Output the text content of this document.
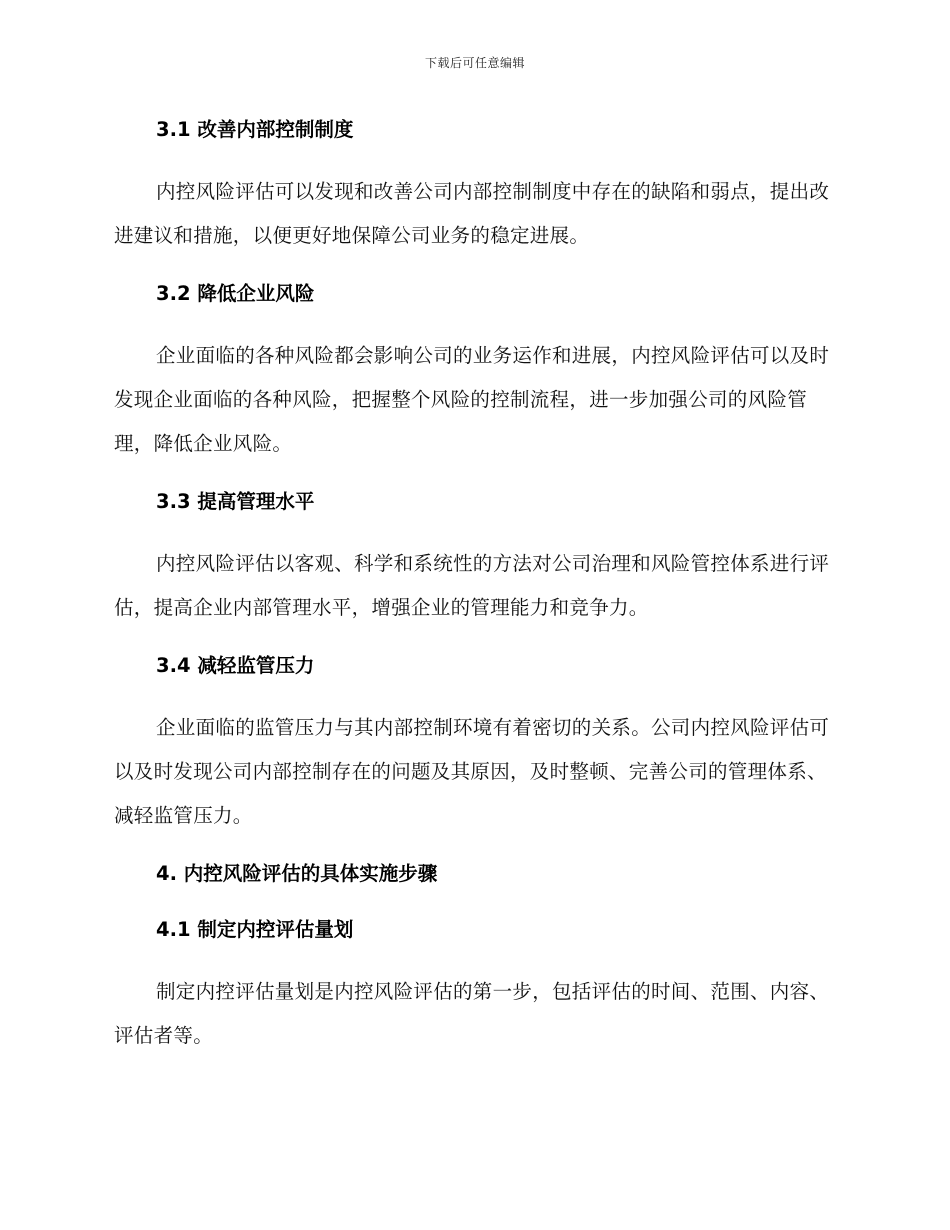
下载后可任意编辑
3.1 改善内部控制制度

内控风险评估可以发现和改善公司内部控制制度中存在的缺陷和弱点，提出改进建议和措施，以便更好地保障公司业务的稳定进展。

3.2 降低企业风险

企业面临的各种风险都会影响公司的业务运作和进展，内控风险评估可以及时发现企业面临的各种风险，把握整个风险的控制流程，进一步加强公司的风险管理，降低企业风险。

3.3 提高管理水平

内控风险评估以客观、科学和系统性的方法对公司治理和风险管控体系进行评估，提高企业内部管理水平，增强企业的管理能力和竞争力。

3.4 减轻监管压力

企业面临的监管压力与其内部控制环境有着密切的关系。公司内控风险评估可以及时发现公司内部控制存在的问题及其原因，及时整顿、完善公司的管理体系、减轻监管压力。

4. 内控风险评估的具体实施步骤
4.1 制定内控评估量划

制定内控评估量划是内控风险评估的第一步，包括评估的时间、范围、内容、评估者等。
